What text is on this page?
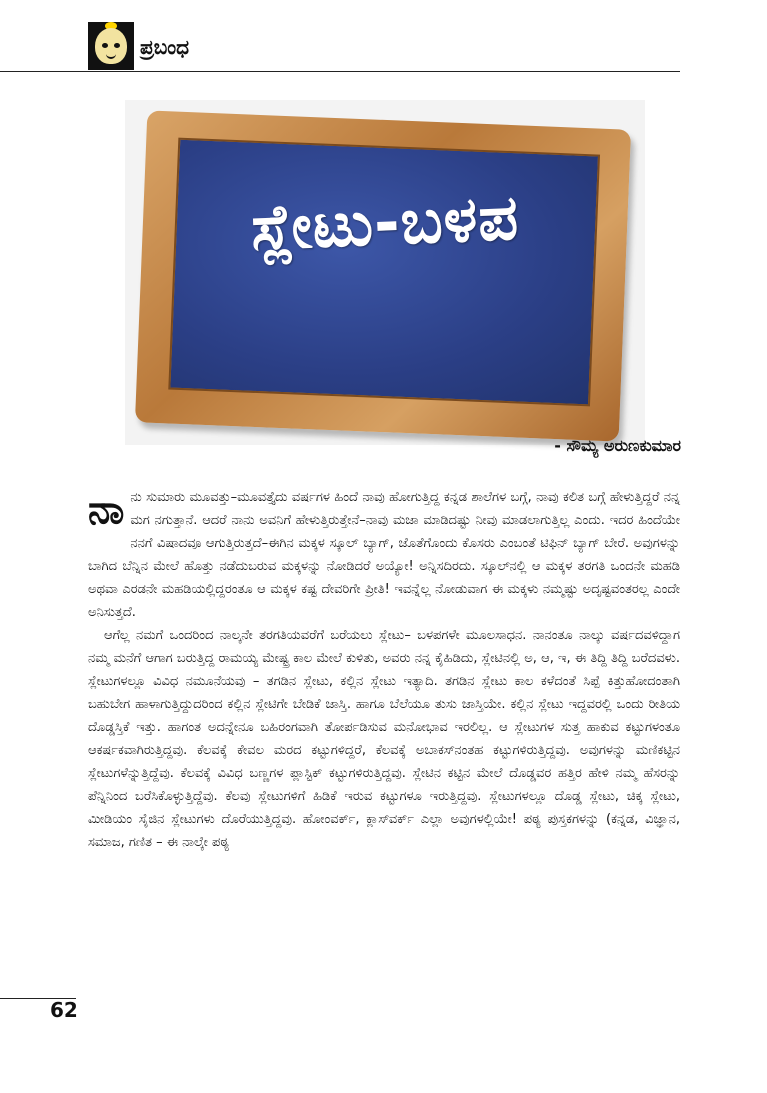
ಪ್ರಬಂಧ
ಸ್ಲೇಟು-ಬಳಪ
- ಸೌಮ್ಯ ಅರುಣಕುಮಾರ

ನಾನು ಸುಮಾರು ಮೂವತ್ತು–ಮೂವತ್ತೈದು ವರ್ಷಗಳ ಹಿಂದೆ ನಾವು ಹೋಗುತ್ತಿದ್ದ ಕನ್ನಡ ಶಾಲೆಗಳ ಬಗ್ಗೆ, ನಾವು ಕಲಿತ ಬಗ್ಗೆ ಹೇಳುತ್ತಿದ್ದರೆ ನನ್ನ ಮಗ ನಗುತ್ತಾನೆ. ಆದರೆ ನಾನು ಅವನಿಗೆ ಹೇಳುತ್ತಿರುತ್ತೇನೆ–ನಾವು ಮಜಾ ಮಾಡಿದಷ್ಟು ನೀವು ಮಾಡಲಾಗುತ್ತಿಲ್ಲ ಎಂದು. ಇದರ ಹಿಂದೆಯೇ ನನಗೆ ವಿಷಾದವೂ ಆಗುತ್ತಿರುತ್ತದೆ–ಈಗಿನ ಮಕ್ಕಳ ಸ್ಕೂಲ್ ಬ್ಯಾಗ್, ಜೊತೆಗೊಂದು ಕೊಸರು ಎಂಬಂತೆ ಟಿಫಿನ್ ಬ್ಯಾಗ್ ಬೇರೆ. ಅವುಗಳನ್ನು ಬಾಗಿದ ಬೆನ್ನಿನ ಮೇಲೆ ಹೊತ್ತು ನಡೆದುಬರುವ ಮಕ್ಕಳನ್ನು ನೋಡಿದರೆ ಅಯ್ಯೋ! ಅನ್ನಿಸದಿರದು. ಸ್ಕೂಲ್‍ನಲ್ಲಿ ಆ ಮಕ್ಕಳ ತರಗತಿ ಒಂದನೇ ಮಹಡಿ ಅಥವಾ ಎರಡನೇ ಮಹಡಿಯಲ್ಲಿದ್ದರಂತೂ ಆ ಮಕ್ಕಳ ಕಷ್ಟ ದೇವರಿಗೇ ಪ್ರೀತಿ! ಇವನ್ನೆಲ್ಲ ನೋಡುವಾಗ ಈ ಮಕ್ಕಳು ನಮ್ಮಷ್ಟು ಅದೃಷ್ಟವಂತರಲ್ಲ ಎಂದೇ ಅನಿಸುತ್ತದೆ.

ಆಗೆಲ್ಲ ನಮಗೆ ಒಂದರಿಂದ ನಾಲ್ಕನೇ ತರಗತಿಯವರೆಗೆ ಬರೆಯಲು ಸ್ಲೇಟು– ಬಳಪಗಳೇ ಮೂಲಸಾಧನ. ನಾನಂತೂ ನಾಲ್ಕು ವರ್ಷದವಳಿದ್ದಾಗ ನಮ್ಮ ಮನೆಗೆ ಆಗಾಗ ಬರುತ್ತಿದ್ದ ರಾಮಯ್ಯ ಮೇಷ್ಟ್ರ ಕಾಲ ಮೇಲೆ ಕುಳಿತು, ಅವರು ನನ್ನ ಕೈಹಿಡಿದು, ಸ್ಲೇಟಿನಲ್ಲಿ ಅ, ಆ, ಇ, ಈ ತಿದ್ದಿ ತಿದ್ದಿ ಬರೆದವಳು. ಸ್ಲೇಟುಗಳಲ್ಲೂ ವಿವಿಧ ನಮೂನೆಯವು – ತಗಡಿನ ಸ್ಲೇಟು, ಕಲ್ಲಿನ ಸ್ಲೇಟು ಇತ್ಯಾದಿ. ತಗಡಿನ ಸ್ಲೇಟು ಕಾಲ ಕಳೆದಂತೆ ಸಿಪ್ಪೆ ಕಿತ್ತುಹೋದಂತಾಗಿ ಬಹುಬೇಗ ಹಾಳಾಗುತ್ತಿದ್ದುದರಿಂದ ಕಲ್ಲಿನ ಸ್ಲೇಟಿಗೇ ಬೇಡಿಕೆ ಜಾಸ್ತಿ. ಹಾಗೂ ಬೆಲೆಯೂ ತುಸು ಜಾಸ್ತಿಯೇ. ಕಲ್ಲಿನ ಸ್ಲೇಟು ಇದ್ದವರಲ್ಲಿ ಒಂದು ರೀತಿಯ ದೊಡ್ಡಸ್ತಿಕೆ ಇತ್ತು. ಹಾಗಂತ ಅದನ್ನೇನೂ ಬಹಿರಂಗವಾಗಿ ತೋರ್ಪಡಿಸುವ ಮನೋಭಾವ ಇರಲಿಲ್ಲ. ಆ ಸ್ಲೇಟುಗಳ ಸುತ್ತ ಹಾಕುವ ಕಟ್ಟುಗಳಂತೂ ಆಕರ್ಷಕವಾಗಿರುತ್ತಿದ್ದವು. ಕೆಲವಕ್ಕೆ ಕೇವಲ ಮರದ ಕಟ್ಟುಗಳಿದ್ದರೆ, ಕೆಲವಕ್ಕೆ ಅಬಾಕಸ್‍ನಂತಹ ಕಟ್ಟುಗಳಿರುತ್ತಿದ್ದವು. ಅವುಗಳನ್ನು ಮಣಿಕಟ್ಟಿನ ಸ್ಲೇಟುಗಳೆನ್ನುತ್ತಿದ್ದೆವು. ಕೆಲವಕ್ಕೆ ವಿವಿಧ ಬಣ್ಣಗಳ ಪ್ಲಾಸ್ಟಿಕ್ ಕಟ್ಟುಗಳಿರುತ್ತಿದ್ದವು. ಸ್ಲೇಟಿನ ಕಟ್ಟಿನ ಮೇಲೆ ದೊಡ್ಡವರ ಹತ್ತಿರ ಹೇಳಿ ನಮ್ಮ ಹೆಸರನ್ನು ಪೆನ್ನಿನಿಂದ ಬರೆಸಿಕೊಳ್ಳುತ್ತಿದ್ದೆವು. ಕೆಲವು ಸ್ಲೇಟುಗಳಿಗೆ ಹಿಡಿಕೆ ಇರುವ ಕಟ್ಟುಗಳೂ ಇರುತ್ತಿದ್ದವು. ಸ್ಲೇಟುಗಳಲ್ಲೂ ದೊಡ್ಡ ಸ್ಲೇಟು, ಚಿಕ್ಕ ಸ್ಲೇಟು, ಮೀಡಿಯಂ ಸೈಜಿನ ಸ್ಲೇಟುಗಳು ದೊರೆಯುತ್ತಿದ್ದವು. ಹೋಂವರ್ಕ್, ಕ್ಲಾಸ್‍ವರ್ಕ್ ಎಲ್ಲಾ ಅವುಗಳಲ್ಲಿಯೇ! ಪಠ್ಯ ಪುಸ್ತಕಗಳನ್ನು (ಕನ್ನಡ, ವಿಜ್ಞಾನ, ಸಮಾಜ, ಗಣಿತ – ಈ ನಾಲ್ಕೇ ಪಠ್ಯ

62
